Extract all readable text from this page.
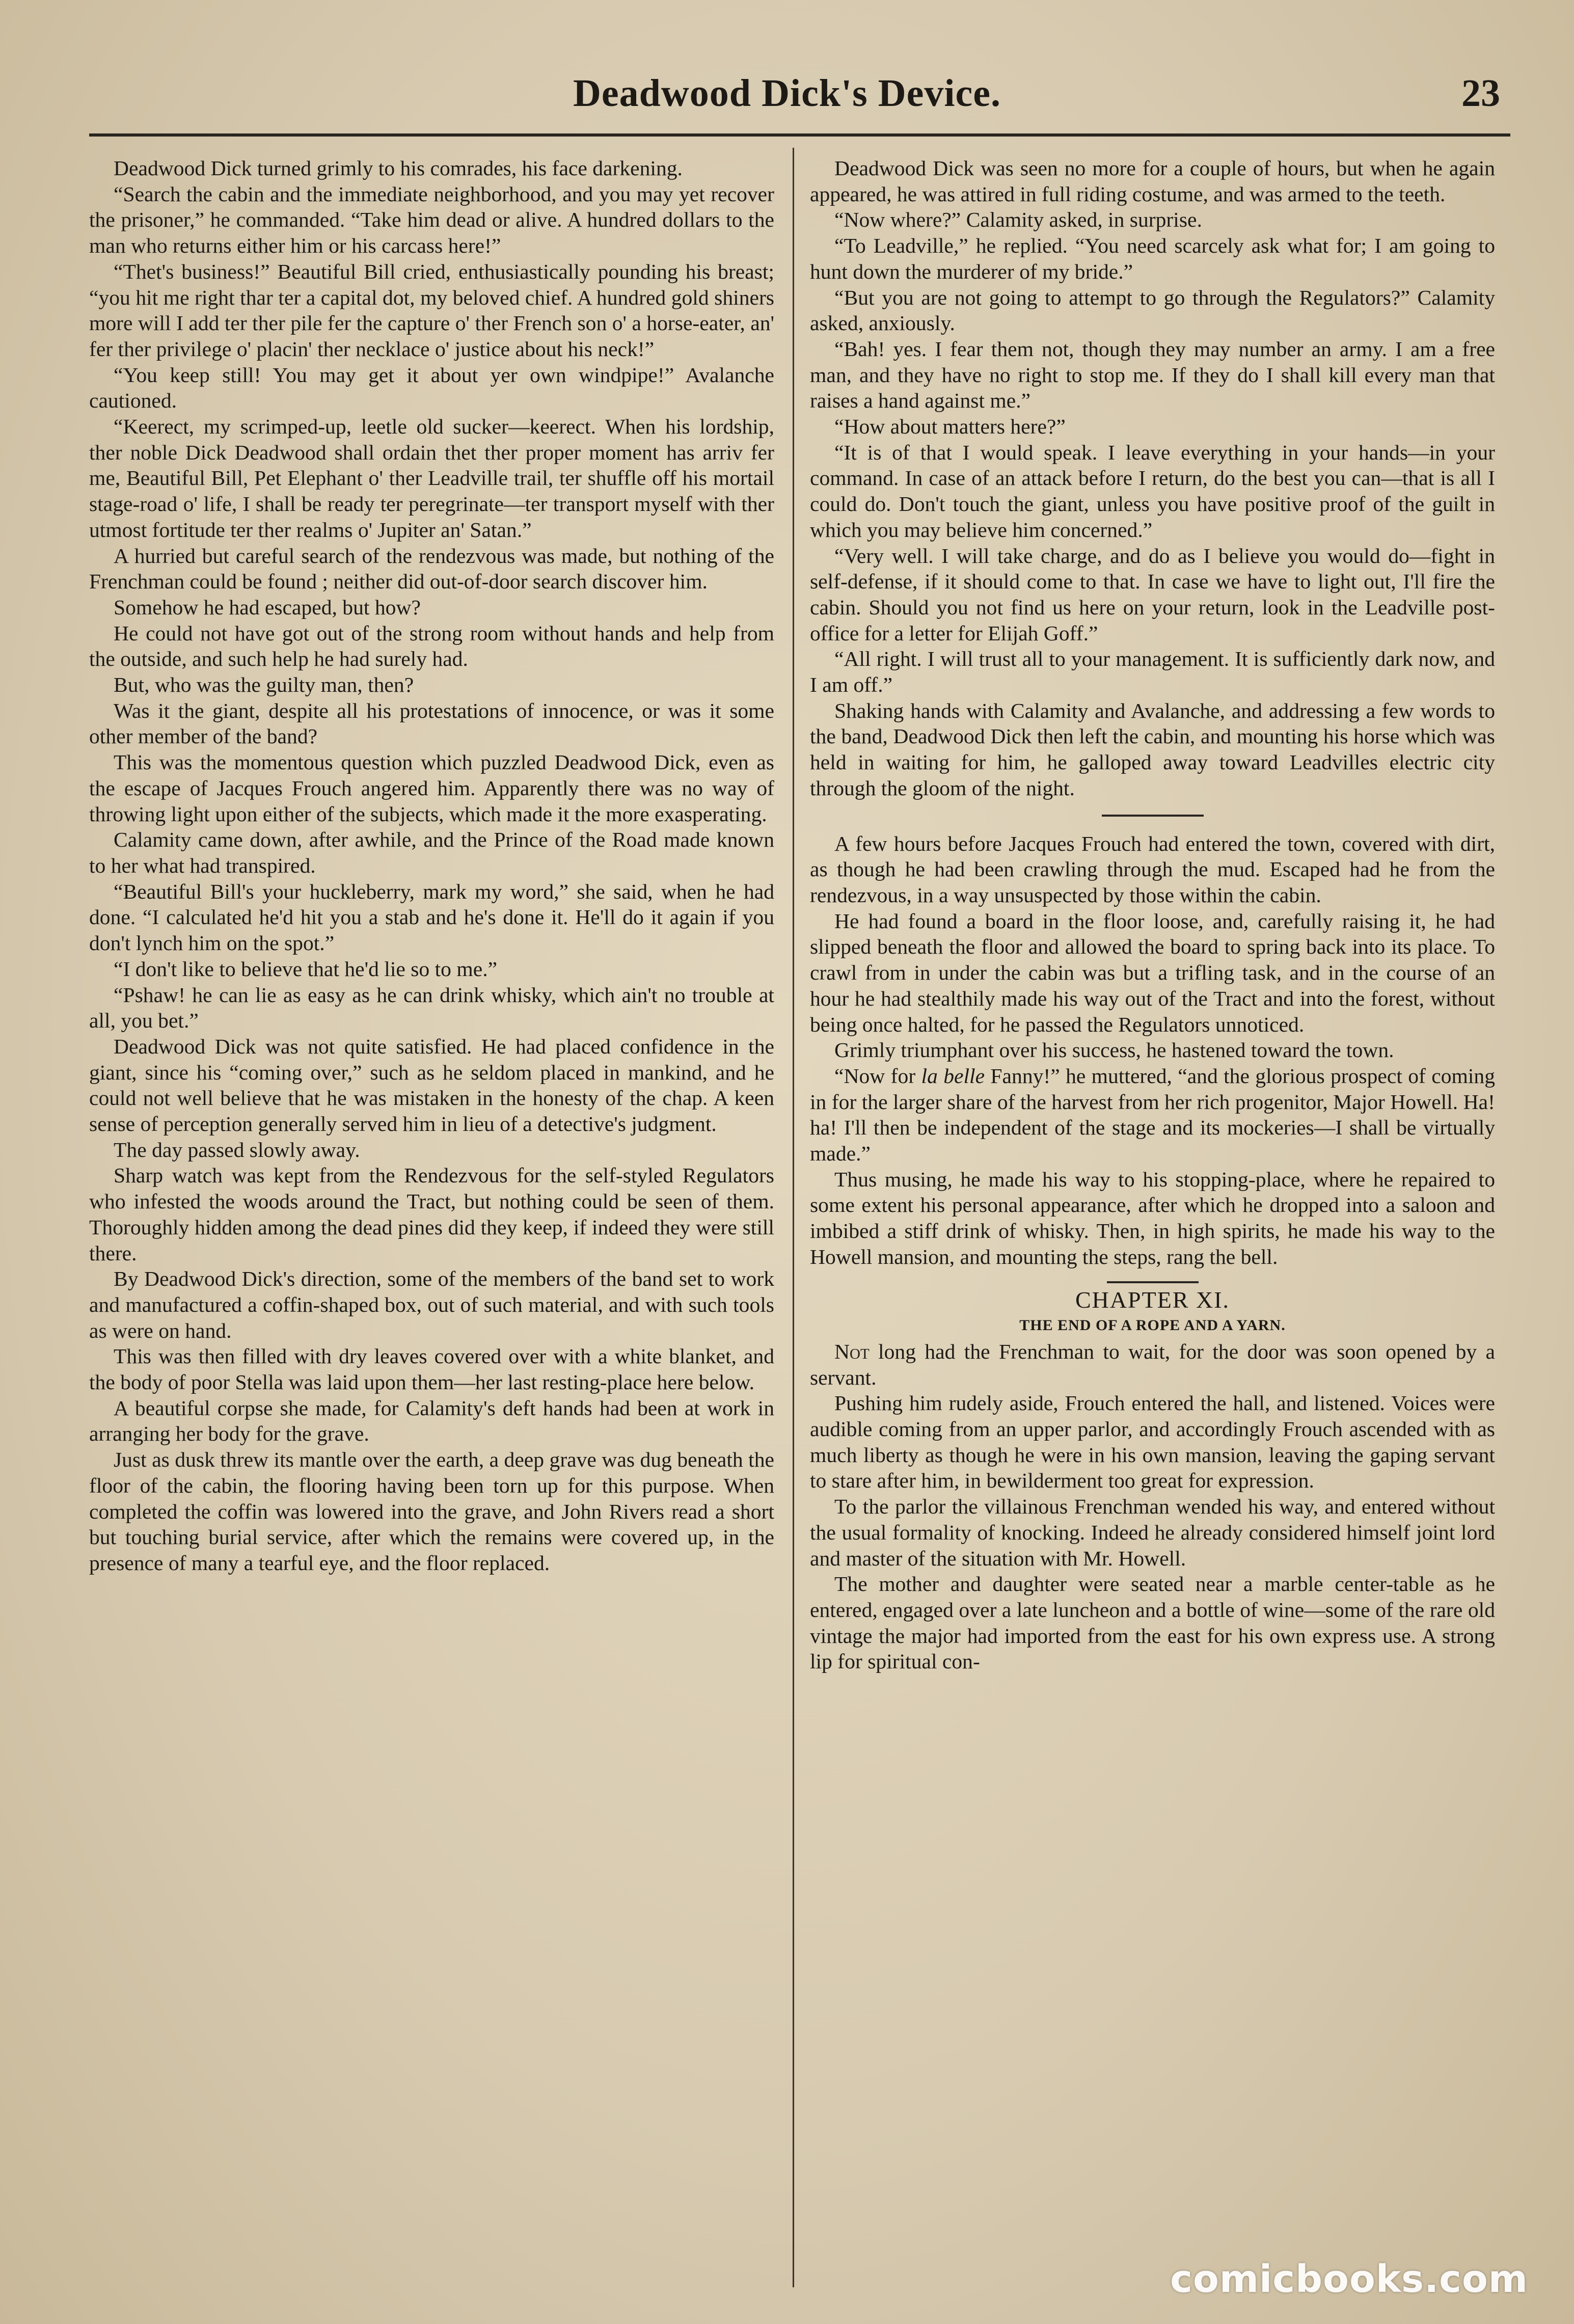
Deadwood Dick's Device.	23

Deadwood Dick turned grimly to his comrades, his face darkening.

“Search the cabin and the immediate neighborhood, and you may yet recover the prisoner,” he commanded. “Take him dead or alive. A hundred dollars to the man who returns either him or his carcass here!”

“Thet's business!” Beautiful Bill cried, enthusiastically pounding his breast; “you hit me right thar ter a capital dot, my beloved chief. A hundred gold shiners more will I add ter ther pile fer the capture o' ther French son o' a horse-eater, an' fer ther privilege o' placin' ther necklace o' justice about his neck!”

“You keep still! You may get it about yer own windpipe!” Avalanche cautioned.

“Keerect, my scrimped-up, leetle old sucker—keerect. When his lordship, ther noble Dick Deadwood shall ordain thet ther proper moment has arriv fer me, Beautiful Bill, Pet Elephant o' ther Leadville trail, ter shuffle off his mortail stage-road o' life, I shall be ready ter peregrinate—ter transport myself with ther utmost fortitude ter ther realms o' Jupiter an' Satan.”

A hurried but careful search of the rendezvous was made, but nothing of the Frenchman could be found ; neither did out-of-door search discover him.

Somehow he had escaped, but how?

He could not have got out of the strong room without hands and help from the outside, and such help he had surely had.

But, who was the guilty man, then?

Was it the giant, despite all his protestations of innocence, or was it some other member of the band?

This was the momentous question which puzzled Deadwood Dick, even as the escape of Jacques Frouch angered him. Apparently there was no way of throwing light upon either of the subjects, which made it the more exasperating.

Calamity came down, after awhile, and the Prince of the Road made known to her what had transpired.

“Beautiful Bill's your huckleberry, mark my word,” she said, when he had done. “I calculated he'd hit you a stab and he's done it. He'll do it again if you don't lynch him on the spot.”

“I don't like to believe that he'd lie so to me.”

“Pshaw! he can lie as easy as he can drink whisky, which ain't no trouble at all, you bet.”

Deadwood Dick was not quite satisfied. He had placed confidence in the giant, since his “coming over,” such as he seldom placed in mankind, and he could not well believe that he was mistaken in the honesty of the chap. A keen sense of perception generally served him in lieu of a detective's judgment.

The day passed slowly away.

Sharp watch was kept from the Rendezvous for the self-styled Regulators who infested the woods around the Tract, but nothing could be seen of them. Thoroughly hidden among the dead pines did they keep, if indeed they were still there.

By Deadwood Dick's direction, some of the members of the band set to work and manufactured a coffin-shaped box, out of such material, and with such tools as were on hand.

This was then filled with dry leaves covered over with a white blanket, and the body of poor Stella was laid upon them—her last resting-place here below.

A beautiful corpse she made, for Calamity's deft hands had been at work in arranging her body for the grave.

Just as dusk threw its mantle over the earth, a deep grave was dug beneath the floor of the cabin, the flooring having been torn up for this purpose. When completed the coffin was lowered into the grave, and John Rivers read a short but touching burial service, after which the remains were covered up, in the presence of many a tearful eye, and the floor replaced.

Deadwood Dick was seen no more for a couple of hours, but when he again appeared, he was attired in full riding costume, and was armed to the teeth.

“Now where?” Calamity asked, in surprise.

“To Leadville,” he replied. “You need scarcely ask what for; I am going to hunt down the murderer of my bride.”

“But you are not going to attempt to go through the Regulators?” Calamity asked, anxiously.

“Bah! yes. I fear them not, though they may number an army. I am a free man, and they have no right to stop me. If they do I shall kill every man that raises a hand against me.”

“How about matters here?”

“It is of that I would speak. I leave everything in your hands—in your command. In case of an attack before I return, do the best you can—that is all I could do. Don't touch the giant, unless you have positive proof of the guilt in which you may believe him concerned.”

“Very well. I will take charge, and do as I believe you would do—fight in self-defense, if it should come to that. In case we have to light out, I'll fire the cabin. Should you not find us here on your return, look in the Leadville post-office for a letter for Elijah Goff.”

“All right. I will trust all to your management. It is sufficiently dark now, and I am off.”

Shaking hands with Calamity and Avalanche, and addressing a few words to the band, Deadwood Dick then left the cabin, and mounting his horse which was held in waiting for him, he galloped away toward Leadvilles electric city through the gloom of the night.

A few hours before Jacques Frouch had entered the town, covered with dirt, as though he had been crawling through the mud. Escaped had he from the rendezvous, in a way unsuspected by those within the cabin.

He had found a board in the floor loose, and, carefully raising it, he had slipped beneath the floor and allowed the board to spring back into its place. To crawl from in under the cabin was but a trifling task, and in the course of an hour he had stealthily made his way out of the Tract and into the forest, without being once halted, for he passed the Regulators unnoticed.

Grimly triumphant over his success, he hastened toward the town.

“Now for la belle Fanny!” he muttered, “and the glorious prospect of coming in for the larger share of the harvest from her rich progenitor, Major Howell. Ha! ha! I'll then be independent of the stage and its mockeries—I shall be virtually made.”

Thus musing, he made his way to his stopping-place, where he repaired to some extent his personal appearance, after which he dropped into a saloon and imbibed a stiff drink of whisky. Then, in high spirits, he made his way to the Howell mansion, and mounting the steps, rang the bell.

CHAPTER XI.
THE END OF A ROPE AND A YARN.

Not long had the Frenchman to wait, for the door was soon opened by a servant.

Pushing him rudely aside, Frouch entered the hall, and listened. Voices were audible coming from an upper parlor, and accordingly Frouch ascended with as much liberty as though he were in his own mansion, leaving the gaping servant to stare after him, in bewilderment too great for expression.

To the parlor the villainous Frenchman wended his way, and entered without the usual formality of knocking. Indeed he already considered himself joint lord and master of the situation with Mr. Howell.

The mother and daughter were seated near a marble center-table as he entered, engaged over a late luncheon and a bottle of wine—some of the rare old vintage the major had imported from the east for his own express use. A strong lip for spiritual con-

comicbooks.com
